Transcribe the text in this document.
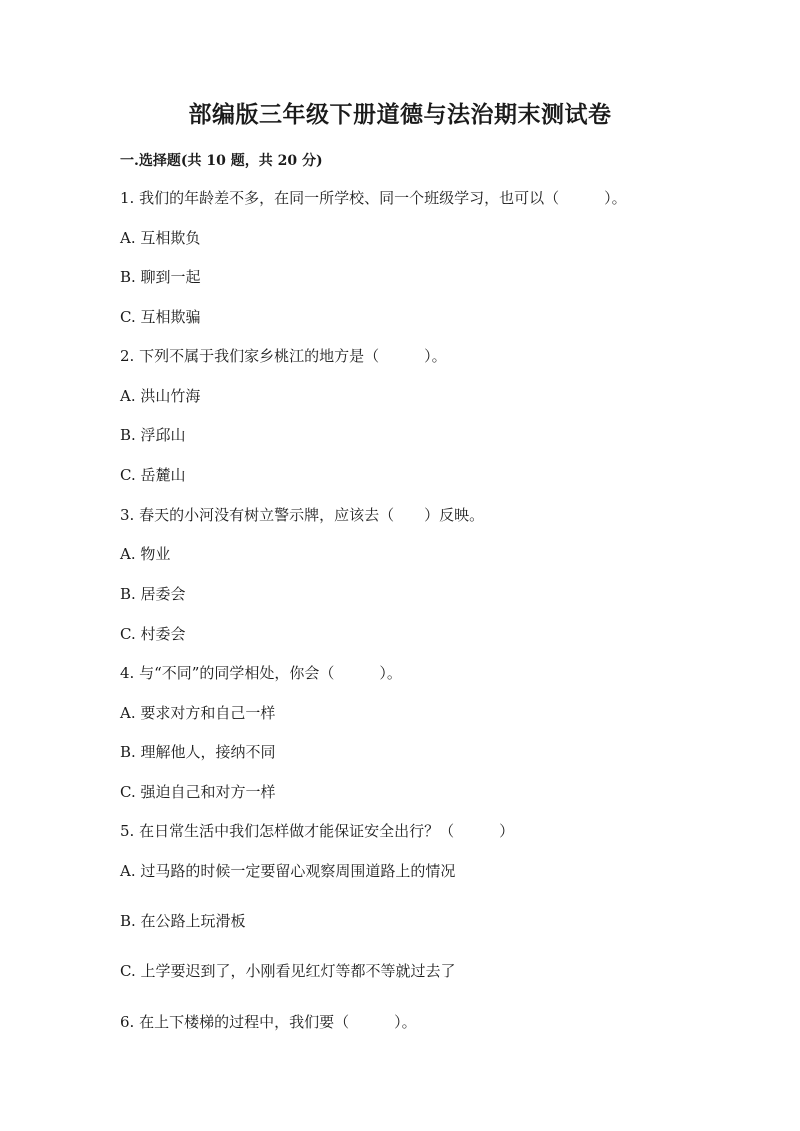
部编版三年级下册道德与法治期末测试卷
一.选择题(共 10 题，共 20 分)

1. 我们的年龄差不多，在同一所学校、同一个班级学习，也可以（　　　）。

A. 互相欺负

B. 聊到一起

C. 互相欺骗

2. 下列不属于我们家乡桃江的地方是（　　　）。

A. 洪山竹海

B. 浮邱山

C. 岳麓山

3. 春天的小河没有树立警示牌，应该去（　　）反映。

A. 物业

B. 居委会

C. 村委会

4. 与“不同”的同学相处，你会（　　　）。

A. 要求对方和自己一样

B. 理解他人，接纳不同

C. 强迫自己和对方一样

5. 在日常生活中我们怎样做才能保证安全出行？（　　　）

A. 过马路的时候一定要留心观察周围道路上的情况

B. 在公路上玩滑板

C. 上学要迟到了，小刚看见红灯等都不等就过去了

6. 在上下楼梯的过程中，我们要（　　　）。
